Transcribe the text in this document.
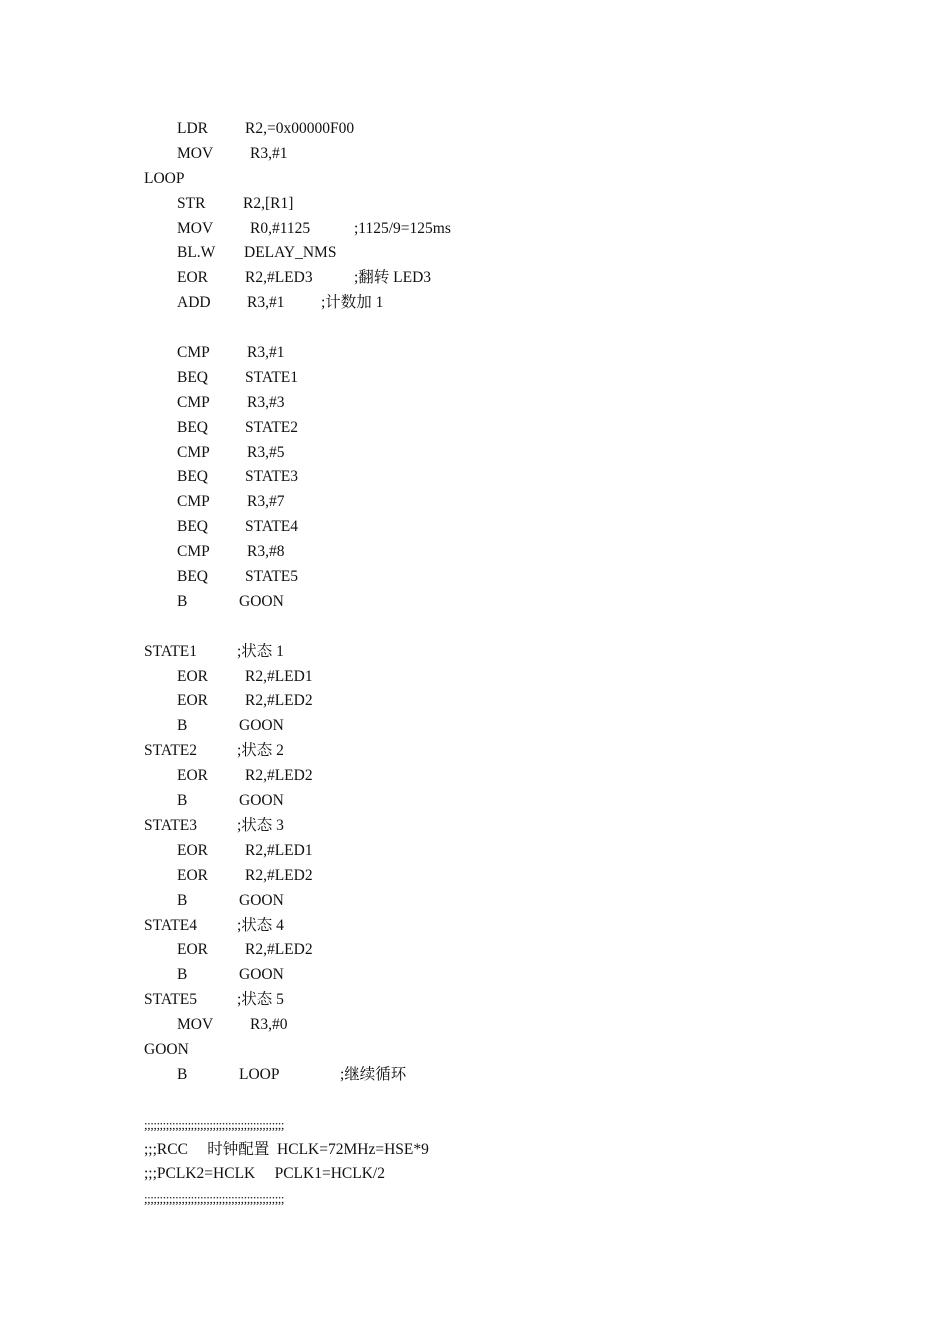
LDR R2,=0x00000F00
MOV R3,#1
LOOP
STR R2,[R1]
MOV R0,#1125	;1125/9=125ms
BL.W DELAY_NMS
EOR R2,#LED3	;翻转 LED3
ADD R3,#1 ;计数加 1
CMP R3,#1
BEQ STATE1
CMP R3,#3
BEQ STATE2
CMP R3,#5
BEQ STATE3
CMP R3,#7
BEQ STATE4
CMP R3,#8
BEQ STATE5
B	GOON
STATE1	;状态 1
EOR R2,#LED1
EOR R2,#LED2
B	GOON
STATE2	;状态 2
EOR R2,#LED2
B	GOON
STATE3	;状态 3
EOR R2,#LED1
EOR R2,#LED2
B	GOON
STATE4	;状态 4
EOR R2,#LED2
B	GOON
STATE5	;状态 5
MOV R3,#0
GOON
B	LOOP	;继续循环
;;;;;;;;;;;;;;;;;;;;;;;;;;;;;;;;;;;;;;;;;;;;;
;;;RCC　 时钟配置  HCLK=72MHz=HSE*9
;;;PCLK2=HCLK　 PCLK1=HCLK/2
;;;;;;;;;;;;;;;;;;;;;;;;;;;;;;;;;;;;;;;;;;;;;
